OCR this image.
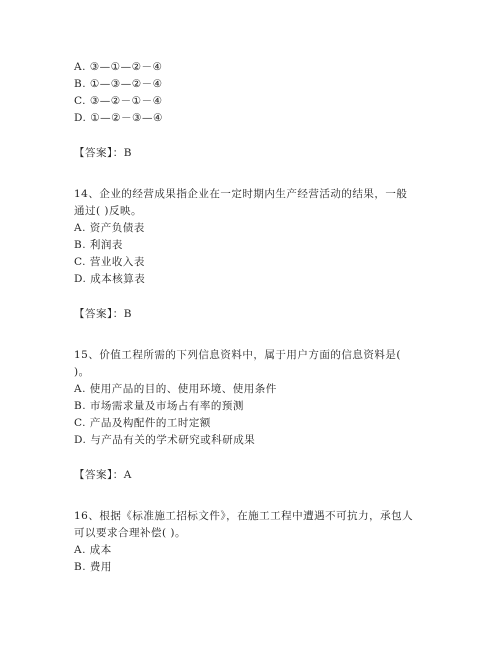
A. ③—①—②－④
B. ①—③—②－④
C. ③—②－①－④
D. ①—②－③—④
【答案】：B
14、企业的经营成果指企业在一定时期内生产经营活动的结果，一般
通过( )反映。
A. 资产负债表
B. 利润表
C. 营业收入表
D. 成本核算表
【答案】：B
15、价值工程所需的下列信息资料中，属于用户方面的信息资料是(
)。
A. 使用产品的目的、使用环境、使用条件
B. 市场需求量及市场占有率的预测
C. 产品及构配件的工时定额
D. 与产品有关的学术研究或科研成果
【答案】：A
16、根据《标准施工招标文件》，在施工工程中遭遇不可抗力，承包人
可以要求合理补偿( )。
A. 成本
B. 费用
